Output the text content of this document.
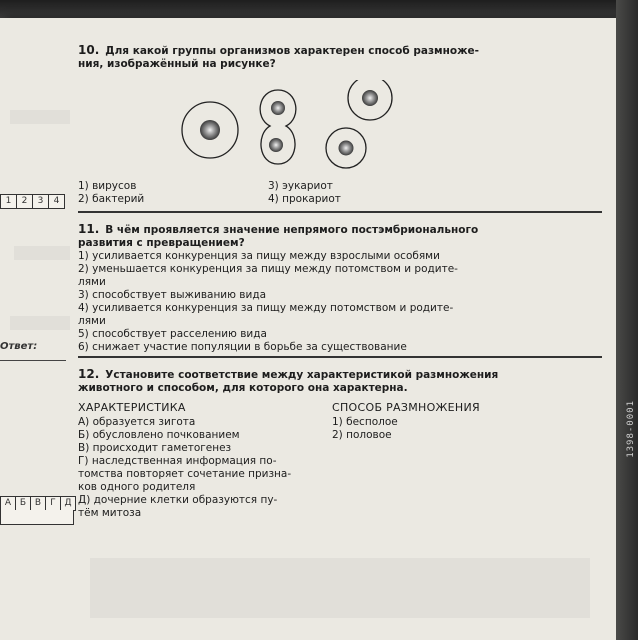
10. Для какой группы организмов характерен способ размноже-
ния, изображённый на рисунке?
1) вирусов
2) бактерий
3) эукариот
4) прокариот
1	2	3	4
11. В чём проявляется значение непрямого постэмбрионального
развития с превращением?
1) усиливается конкуренция за пищу между взрослыми особями
2) уменьшается конкуренция за пищу между потомством и родите-
лями
3) способствует выживанию вида
4) усиливается конкуренция за пищу между потомством и родите-
лями
5) способствует расселению вида
6) снижает участие популяции в борьбе за существование
Ответ:
12. Установите соответствие между характеристикой размножения
животного и способом, для которого она характерна.
ХАРАКТЕРИСТИКА	СПОСОБ РАЗМНОЖЕНИЯ
А) образуется зигота
Б) обусловлено почкованием
В) происходит гаметогенез
Г) наследственная информация по-
томства повторяет сочетание призна-
ков одного родителя
Д) дочерние клетки образуются пу-
тём митоза
1) бесполое
2) половое
А Б В	Г Д
1398-0001
